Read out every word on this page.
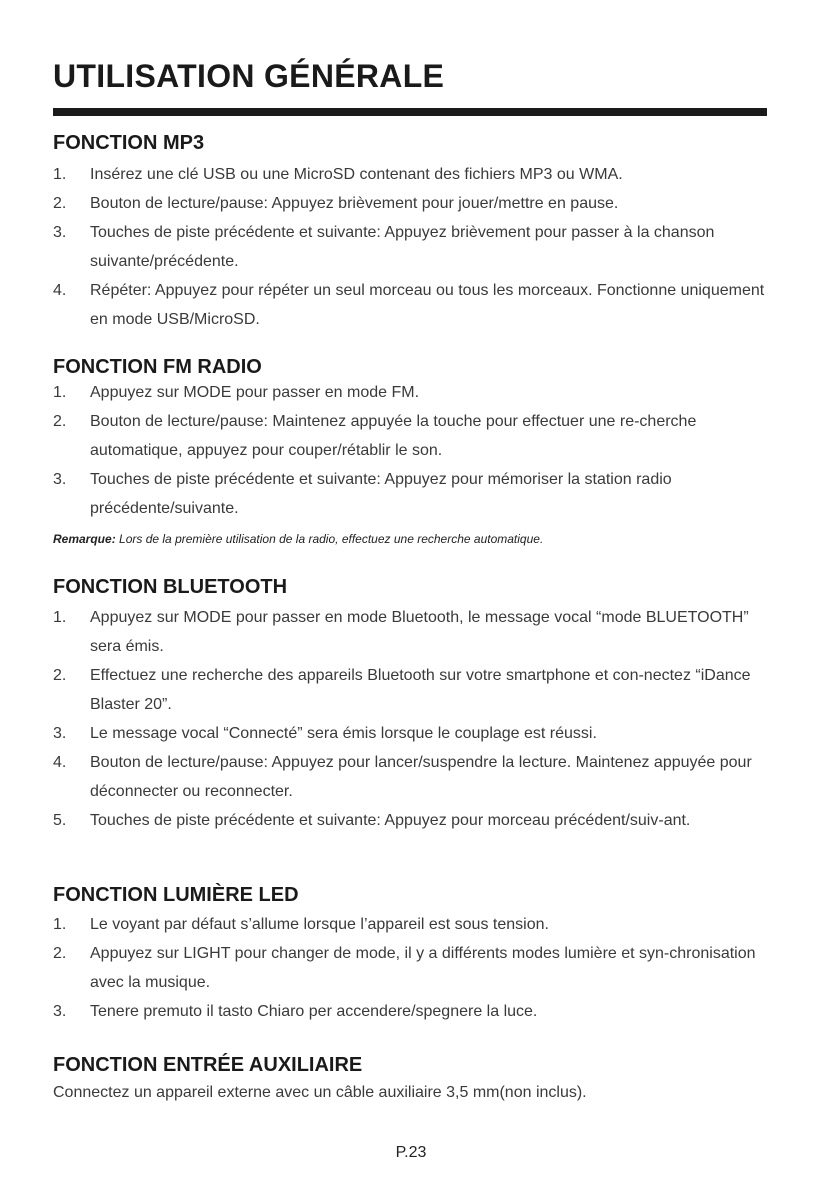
UTILISATION GÉNÉRALE
FONCTION MP3
1.	Insérez une clé USB ou une MicroSD contenant des fichiers MP3 ou WMA.
2.	Bouton de lecture/pause: Appuyez brièvement pour jouer/mettre en pause.
3.	Touches de piste précédente et suivante: Appuyez brièvement pour passer à la chanson suivante/précédente.
4.	Répéter: Appuyez pour répéter un seul morceau ou tous les morceaux. Fonctionne uniquement en mode USB/MicroSD.
FONCTION FM RADIO
1.	Appuyez sur MODE pour passer en mode FM.
2.	Bouton de lecture/pause: Maintenez appuyée la touche pour effectuer une re-cherche automatique, appuyez pour couper/rétablir le son.
3.	Touches de piste précédente et suivante: Appuyez pour mémoriser la station radio précédente/suivante.
Remarque: Lors de la première utilisation de la radio, effectuez une recherche automatique.
FONCTION BLUETOOTH
1.	Appuyez sur MODE pour passer en mode Bluetooth, le message vocal “mode BLUETOOTH” sera émis.
2.	Effectuez une recherche des appareils Bluetooth sur votre smartphone et con-nectez “iDance Blaster 20”.
3.	Le message vocal “Connecté” sera émis lorsque le couplage est réussi.
4.	Bouton de lecture/pause: Appuyez pour lancer/suspendre la lecture. Maintenez appuyée pour déconnecter ou reconnecter.
5.	Touches de piste précédente et suivante: Appuyez pour morceau précédent/suiv-ant.
FONCTION LUMIÈRE LED
1.	Le voyant par défaut s’allume lorsque l’appareil est sous tension.
2.	Appuyez sur LIGHT pour changer de mode, il y a différents modes lumière et syn-chronisation avec la musique.
3.	Tenere premuto il tasto Chiaro per accendere/spegnere la luce.
FONCTION ENTRÉE AUXILIAIRE
Connectez un appareil externe avec un câble auxiliaire 3,5 mm(non inclus).
P.23
